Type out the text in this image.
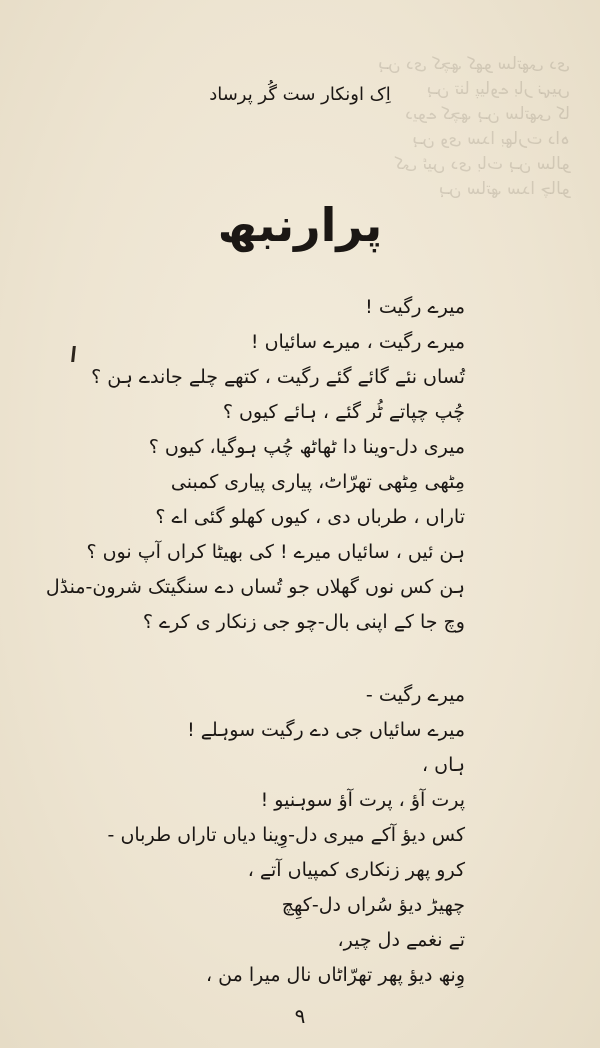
ہن دی کچھ کھو ساتھی دی
ہن تنا پیاوے بار نہیں
دیوے کچھ ہن ساتھی کا
ہن وی سدا بھارت داہ
کی ئیں دی بات ہن سالو
ہن ساتھ سدا چالو
اِک اونکار ست گُر پرساد
پرارنبھ
میرے رگیت !
میرے رگیت ، میرے سائیاں !
تُساں نئے گائے گئے رگیت ، کتھے چلے جاندے ہن ؟
چُپ چپاتے ٹُر گئے ، ہائے کیوں ؟
میری دل-وینا دا ٹھاٹھ چُپ ہوگیا، کیوں ؟
مِٹھی مِٹھی تھرّاٹ، پیاری پیاری کمبنی
تاراں ، طرباں دی ، کیوں کھلو گئی اے ؟
ہن ئیں ، سائیاں میرے ! کی بھیٹا کراں آپ نوں ؟
ہن کس نوں گھلاں جو تُساں دے سنگیتک شرون-منڈل
وچ جا کے اپنی بال-چو جی زنکار ی کرے ؟
میرے رگیت -
میرے سائیاں جی دے رگیت سوہلے !
ہاں ،
پرت آؤ ، پرت آؤ سوہنیو !
کس دیؤ آکے میری دل-وِینا دیاں تاراں طرباں -
کرو پھر زنکاری کمپیاں آتے ،
چھیڑ دیؤ سُراں دل-کھِچ
تے نغمے دل چیر،
وِنھ دیؤ پھر تھرّاٹاں نال میرا من ،
۹
